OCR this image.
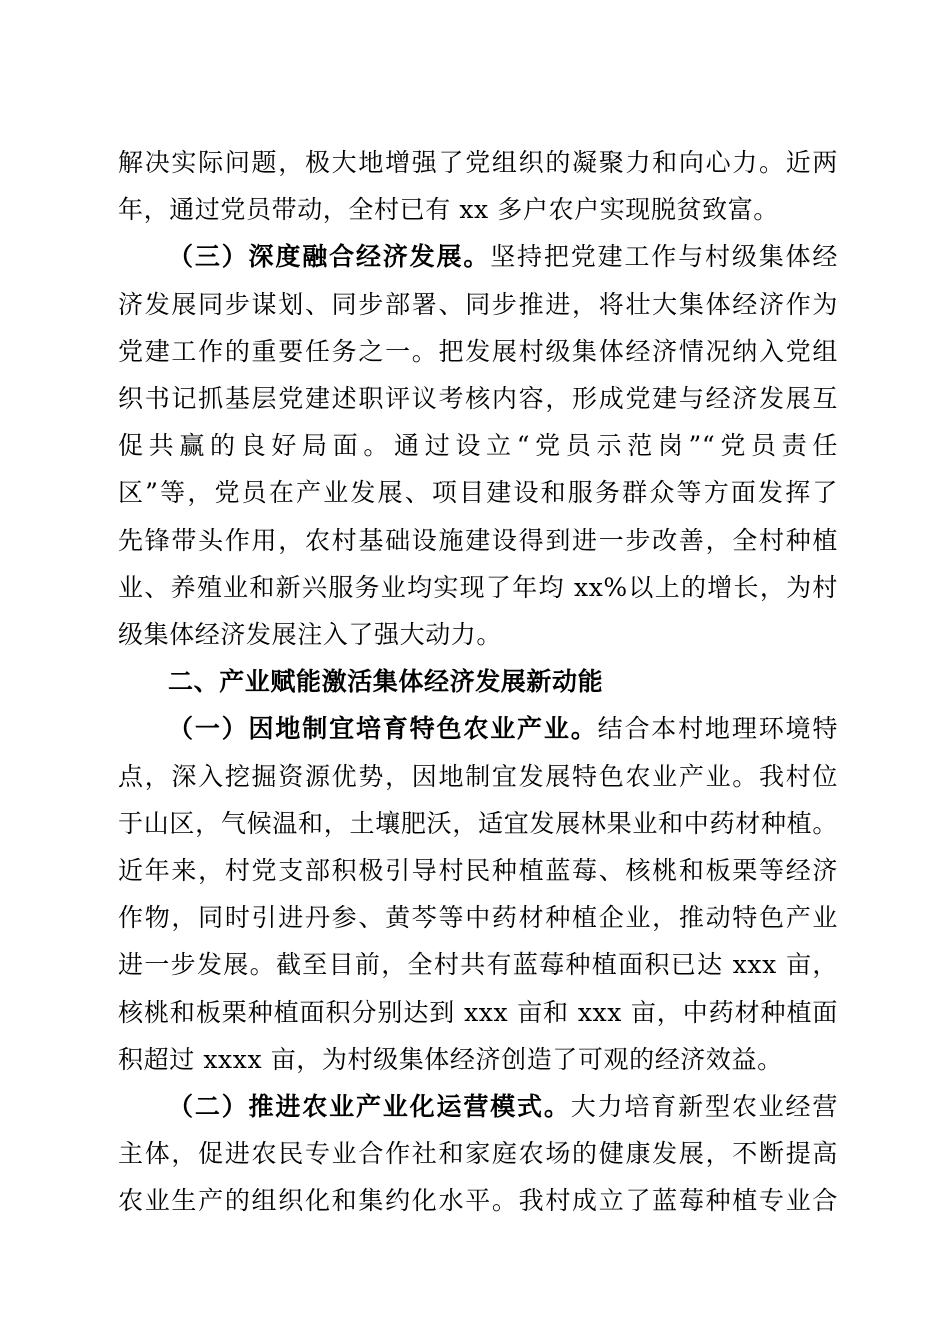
解决实际问题，极大地增强了党组织的凝聚力和向心力。近两
年，通过党员带动，全村已有 xx 多户农户实现脱贫致富。
（三）深度融合经济发展。坚持把党建工作与村级集体经
济发展同步谋划、同步部署、同步推进，将壮大集体经济作为
党建工作的重要任务之一。把发展村级集体经济情况纳入党组
织书记抓基层党建述职评议考核内容，形成党建与经济发展互
促共赢的良好局面。通过设立“党员示范岗”“党员责任
区”等，党员在产业发展、项目建设和服务群众等方面发挥了
先锋带头作用，农村基础设施建设得到进一步改善，全村种植
业、养殖业和新兴服务业均实现了年均 xx%以上的增长，为村
级集体经济发展注入了强大动力。
二、产业赋能激活集体经济发展新动能
（一）因地制宜培育特色农业产业。结合本村地理环境特
点，深入挖掘资源优势，因地制宜发展特色农业产业。我村位
于山区，气候温和，土壤肥沃，适宜发展林果业和中药材种植。
近年来，村党支部积极引导村民种植蓝莓、核桃和板栗等经济
作物，同时引进丹参、黄芩等中药材种植企业，推动特色产业
进一步发展。截至目前，全村共有蓝莓种植面积已达 xxx 亩，
核桃和板栗种植面积分别达到 xxx 亩和 xxx 亩，中药材种植面
积超过 xxxx 亩，为村级集体经济创造了可观的经济效益。
（二）推进农业产业化运营模式。大力培育新型农业经营
主体，促进农民专业合作社和家庭农场的健康发展，不断提高
农业生产的组织化和集约化水平。我村成立了蓝莓种植专业合
